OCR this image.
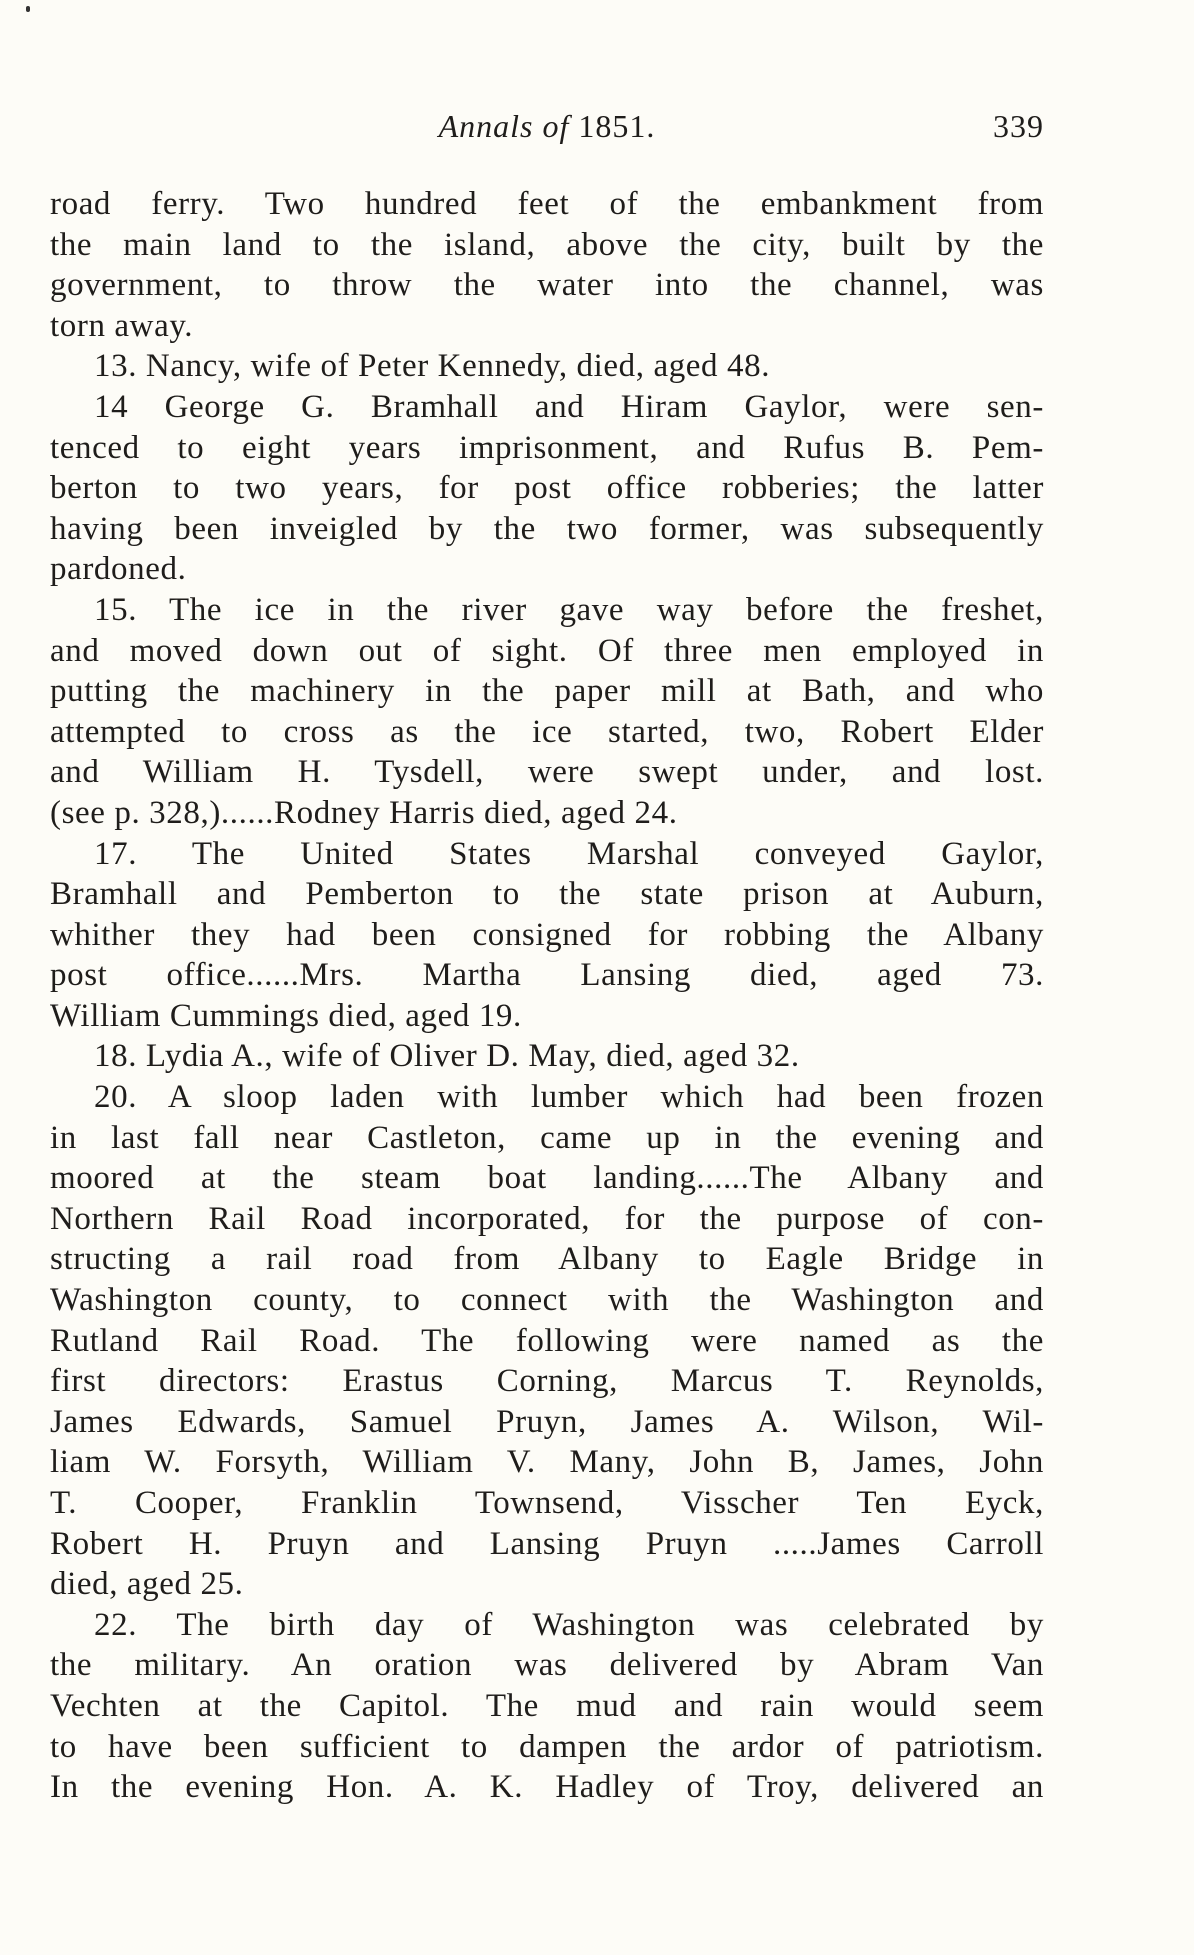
Annals of 1851.	339
road ferry. Two hundred feet of the embankment from
the main land to the island, above the city, built by the
government, to throw the water into the channel, was
torn away.
13. Nancy, wife of Peter Kennedy, died, aged 48.
14 George G. Bramhall and Hiram Gaylor, were sen-
tenced to eight years imprisonment, and Rufus B. Pem-
berton to two years, for post office robberies; the latter
having been inveigled by the two former, was subsequently
pardoned.
15. The ice in the river gave way before the freshet,
and moved down out of sight. Of three men employed in
putting the machinery in the paper mill at Bath, and who
attempted to cross as the ice started, two, Robert Elder
and William H. Tysdell, were swept under, and lost.
(see p. 328,)......Rodney Harris died, aged 24.
17. The United States Marshal conveyed Gaylor,
Bramhall and Pemberton to the state prison at Auburn,
whither they had been consigned for robbing the Albany
post office......Mrs. Martha Lansing died, aged 73.
William Cummings died, aged 19.
18. Lydia A., wife of Oliver D. May, died, aged 32.
20. A sloop laden with lumber which had been frozen
in last fall near Castleton, came up in the evening and
moored at the steam boat landing......The Albany and
Northern Rail Road incorporated, for the purpose of con-
structing a rail road from Albany to Eagle Bridge in
Washington county, to connect with the Washington and
Rutland Rail Road. The following were named as the
first directors: Erastus Corning, Marcus T. Reynolds,
James Edwards, Samuel Pruyn, James A. Wilson, Wil-
liam W. Forsyth, William V. Many, John B, James, John
T. Cooper, Franklin Townsend, Visscher Ten Eyck,
Robert H. Pruyn and Lansing Pruyn .....James Carroll
died, aged 25.
22. The birth day of Washington was celebrated by
the military. An oration was delivered by Abram Van
Vechten at the Capitol. The mud and rain would seem
to have been sufficient to dampen the ardor of patriotism.
In the evening Hon. A. K. Hadley of Troy, delivered an
